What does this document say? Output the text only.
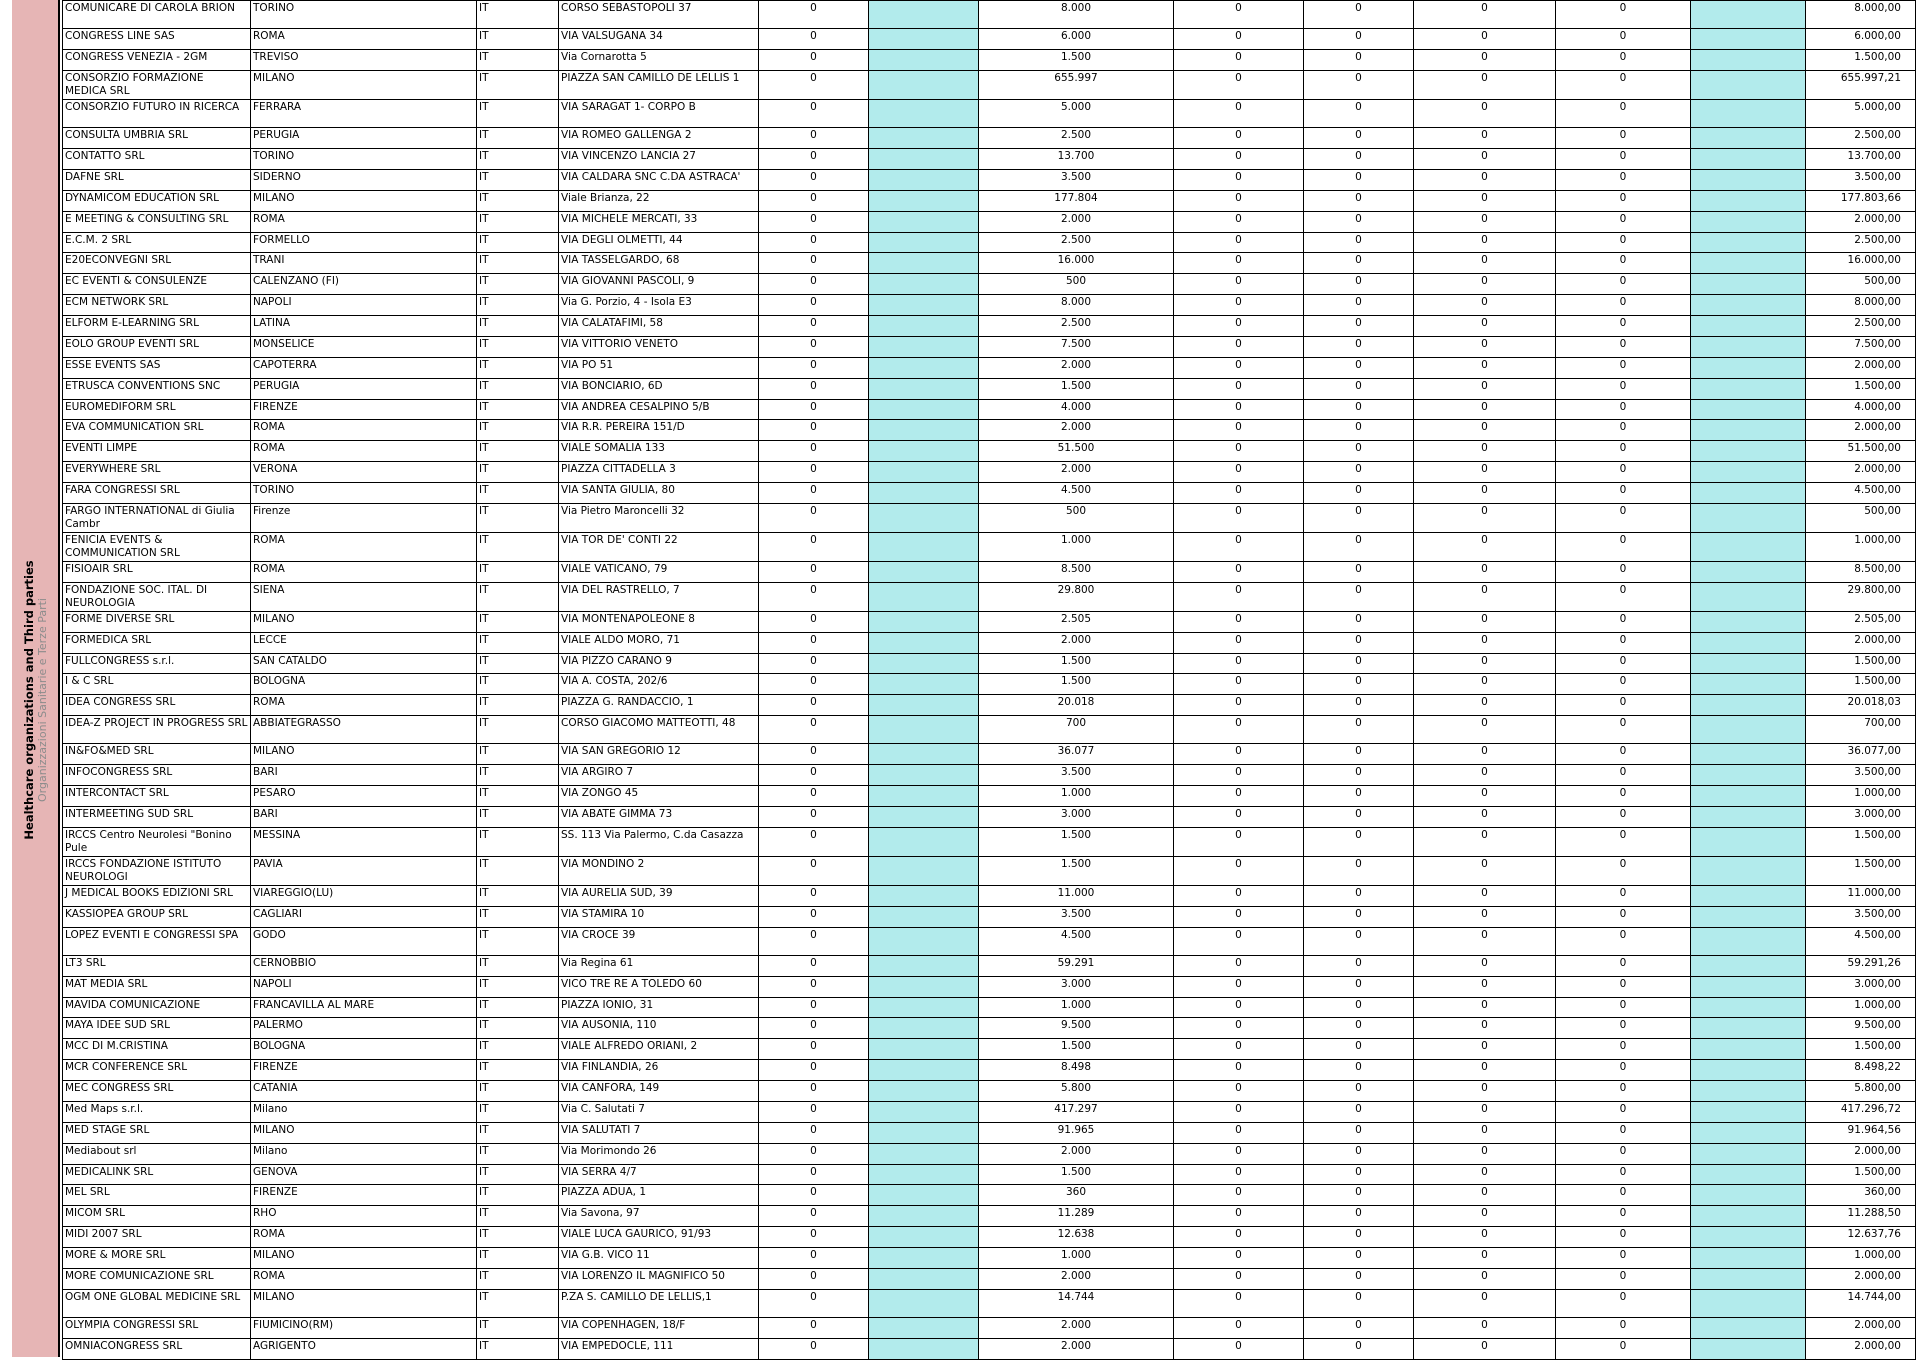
Healthcare organizations and Third parties Organizzazioni Sanitarie e Terze Parti
COMUNICARE DI CAROLA BRION	TORINO	IT	CORSO SEBASTOPOLI 37	0		8.000	0	0	0	0		8.000,00
CONGRESS LINE SAS	ROMA	IT	VIA VALSUGANA 34	0		6.000	0	0	0	0		6.000,00
CONGRESS VENEZIA - 2GM	TREVISO	IT	Via Cornarotta 5	0		1.500	0	0	0	0		1.500,00
CONSORZIO FORMAZIONE MEDICA SRL	MILANO	IT	PIAZZA SAN CAMILLO DE LELLIS 1	0		655.997	0	0	0	0		655.997,21
CONSORZIO FUTURO IN RICERCA	FERRARA	IT	VIA SARAGAT 1- CORPO B	0		5.000	0	0	0	0		5.000,00
CONSULTA UMBRIA SRL	PERUGIA	IT	VIA ROMEO GALLENGA 2	0		2.500	0	0	0	0		2.500,00
CONTATTO SRL	TORINO	IT	VIA VINCENZO LANCIA 27	0		13.700	0	0	0	0		13.700,00
DAFNE SRL	SIDERNO	IT	VIA CALDARA SNC C.DA ASTRACA'	0		3.500	0	0	0	0		3.500,00
DYNAMICOM EDUCATION SRL	MILANO	IT	Viale Brianza, 22	0		177.804	0	0	0	0		177.803,66
E MEETING & CONSULTING SRL	ROMA	IT	VIA MICHELE MERCATI, 33	0		2.000	0	0	0	0		2.000,00
E.C.M. 2 SRL	FORMELLO	IT	VIA DEGLI OLMETTI, 44	0		2.500	0	0	0	0		2.500,00
E20ECONVEGNI SRL	TRANI	IT	VIA TASSELGARDO, 68	0		16.000	0	0	0	0		16.000,00
EC EVENTI & CONSULENZE	CALENZANO (FI)	IT	VIA GIOVANNI PASCOLI, 9	0		500	0	0	0	0		500,00
ECM NETWORK SRL	NAPOLI	IT	Via G. Porzio, 4 - Isola E3	0		8.000	0	0	0	0		8.000,00
ELFORM E-LEARNING SRL	LATINA	IT	VIA CALATAFIMI, 58	0		2.500	0	0	0	0		2.500,00
EOLO GROUP EVENTI SRL	MONSELICE	IT	VIA VITTORIO VENETO	0		7.500	0	0	0	0		7.500,00
ESSE EVENTS SAS	CAPOTERRA	IT	VIA PO 51	0		2.000	0	0	0	0		2.000,00
ETRUSCA CONVENTIONS SNC	PERUGIA	IT	VIA BONCIARIO, 6D	0		1.500	0	0	0	0		1.500,00
EUROMEDIFORM SRL	FIRENZE	IT	VIA ANDREA CESALPINO 5/B	0		4.000	0	0	0	0		4.000,00
EVA COMMUNICATION SRL	ROMA	IT	VIA R.R. PEREIRA 151/D	0		2.000	0	0	0	0		2.000,00
EVENTI LIMPE	ROMA	IT	VIALE SOMALIA 133	0		51.500	0	0	0	0		51.500,00
EVERYWHERE SRL	VERONA	IT	PIAZZA CITTADELLA 3	0		2.000	0	0	0	0		2.000,00
FARA CONGRESSI SRL	TORINO	IT	VIA SANTA GIULIA, 80	0		4.500	0	0	0	0		4.500,00
FARGO INTERNATIONAL di Giulia Cambr	Firenze	IT	Via Pietro Maroncelli 32	0		500	0	0	0	0		500,00
FENICIA EVENTS & COMMUNICATION SRL	ROMA	IT	VIA TOR DE' CONTI 22	0		1.000	0	0	0	0		1.000,00
FISIOAIR SRL	ROMA	IT	VIALE VATICANO, 79	0		8.500	0	0	0	0		8.500,00
FONDAZIONE SOC. ITAL. DI NEUROLOGIA	SIENA	IT	VIA DEL RASTRELLO, 7	0		29.800	0	0	0	0		29.800,00
FORME DIVERSE SRL	MILANO	IT	VIA MONTENAPOLEONE 8	0		2.505	0	0	0	0		2.505,00
FORMEDICA SRL	LECCE	IT	VIALE ALDO MORO, 71	0		2.000	0	0	0	0		2.000,00
FULLCONGRESS s.r.l.	SAN CATALDO	IT	VIA PIZZO CARANO 9	0		1.500	0	0	0	0		1.500,00
I & C SRL	BOLOGNA	IT	VIA A. COSTA, 202/6	0		1.500	0	0	0	0		1.500,00
IDEA CONGRESS SRL	ROMA	IT	PIAZZA G. RANDACCIO, 1	0		20.018	0	0	0	0		20.018,03
IDEA-Z PROJECT IN PROGRESS SRL	ABBIATEGRASSO	IT	CORSO GIACOMO MATTEOTTI, 48	0		700	0	0	0	0		700,00
IN&FO&MED SRL	MILANO	IT	VIA SAN GREGORIO 12	0		36.077	0	0	0	0		36.077,00
INFOCONGRESS SRL	BARI	IT	VIA ARGIRO 7	0		3.500	0	0	0	0		3.500,00
INTERCONTACT SRL	PESARO	IT	VIA ZONGO 45	0		1.000	0	0	0	0		1.000,00
INTERMEETING SUD SRL	BARI	IT	VIA ABATE GIMMA 73	0		3.000	0	0	0	0		3.000,00
IRCCS Centro Neurolesi "Bonino Pule	MESSINA	IT	SS. 113 Via Palermo, C.da Casazza	0		1.500	0	0	0	0		1.500,00
IRCCS FONDAZIONE ISTITUTO NEUROLOGI	PAVIA	IT	VIA MONDINO 2	0		1.500	0	0	0	0		1.500,00
J MEDICAL BOOKS EDIZIONI SRL	VIAREGGIO(LU)	IT	VIA AURELIA SUD, 39	0		11.000	0	0	0	0		11.000,00
KASSIOPEA GROUP SRL	CAGLIARI	IT	VIA STAMIRA 10	0		3.500	0	0	0	0		3.500,00
LOPEZ EVENTI E CONGRESSI SPA	GODO	IT	VIA CROCE 39	0		4.500	0	0	0	0		4.500,00
LT3 SRL	CERNOBBIO	IT	Via Regina 61	0		59.291	0	0	0	0		59.291,26
MAT MEDIA SRL	NAPOLI	IT	VICO TRE RE A TOLEDO 60	0		3.000	0	0	0	0		3.000,00
MAVIDA COMUNICAZIONE	FRANCAVILLA AL MARE	IT	PIAZZA IONIO, 31	0		1.000	0	0	0	0		1.000,00
MAYA IDEE SUD SRL	PALERMO	IT	VIA AUSONIA, 110	0		9.500	0	0	0	0		9.500,00
MCC DI M.CRISTINA	BOLOGNA	IT	VIALE ALFREDO ORIANI, 2	0		1.500	0	0	0	0		1.500,00
MCR CONFERENCE SRL	FIRENZE	IT	VIA FINLANDIA, 26	0		8.498	0	0	0	0		8.498,22
MEC CONGRESS SRL	CATANIA	IT	VIA CANFORA, 149	0		5.800	0	0	0	0		5.800,00
Med Maps s.r.l.	Milano	IT	Via C. Salutati 7	0		417.297	0	0	0	0		417.296,72
MED STAGE SRL	MILANO	IT	VIA SALUTATI 7	0		91.965	0	0	0	0		91.964,56
Mediabout srl	Milano	IT	Via Morimondo 26	0		2.000	0	0	0	0		2.000,00
MEDICALINK SRL	GENOVA	IT	VIA SERRA 4/7	0		1.500	0	0	0	0		1.500,00
MEL SRL	FIRENZE	IT	PIAZZA ADUA, 1	0		360	0	0	0	0		360,00
MICOM SRL	RHO	IT	Via Savona, 97	0		11.289	0	0	0	0		11.288,50
MIDI 2007 SRL	ROMA	IT	VIALE LUCA GAURICO, 91/93	0		12.638	0	0	0	0		12.637,76
MORE & MORE SRL	MILANO	IT	VIA G.B. VICO 11	0		1.000	0	0	0	0		1.000,00
MORE COMUNICAZIONE SRL	ROMA	IT	VIA LORENZO IL MAGNIFICO 50	0		2.000	0	0	0	0		2.000,00
OGM ONE GLOBAL MEDICINE SRL	MILANO	IT	P.ZA S. CAMILLO DE LELLIS,1	0		14.744	0	0	0	0		14.744,00
OLYMPIA CONGRESSI SRL	FIUMICINO(RM)	IT	VIA COPENHAGEN, 18/F	0		2.000	0	0	0	0		2.000,00
OMNIACONGRESS SRL	AGRIGENTO	IT	VIA EMPEDOCLE, 111	0		2.000	0	0	0	0		2.000,00
